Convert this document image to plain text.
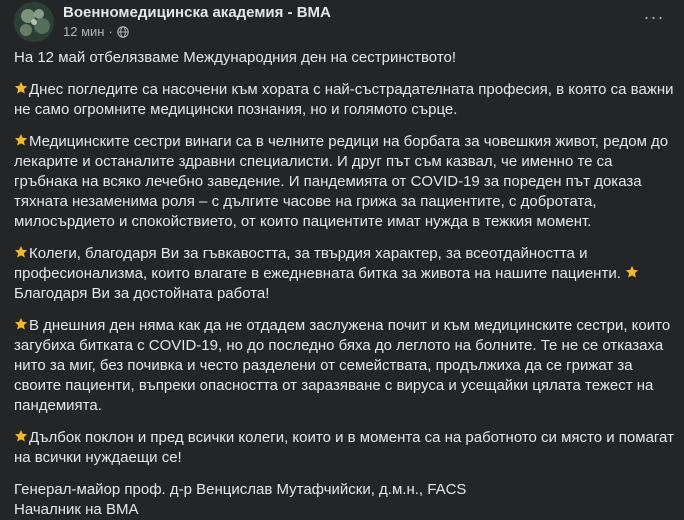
Военномедицинска академия - ВМА
12 мин ·
···

На 12 май отбелязваме Международния ден на сестринството!

Днес погледите са насочени към хората с най-състрадателната професия, в която са важни не само огромните медицински познания, но и голямото сърце.

Медицинските сестри винаги са в челните редици на борбата за човешкия живот, редом до лекарите и останалите здравни специалисти. И друг път съм казвал, че именно те са гръбнака на всяко лечебно заведение. И пандемията от COVID-19 за пореден път доказа тяхната незаменима роля – с дългите часове на грижа за пациентите, с добротата, милосърдието и спокойствието, от които пациентите имат нужда в тежкия момент.

Колеги, благодаря Ви за гъвкавостта, за твърдия характер, за всеотдайността и професионализма, които влагате в ежедневната битка за живота на нашите пациенти.
Благодаря Ви за достойната работа!

В днешния ден няма как да не отдадем заслужена почит и към медицинските сестри, които загубиха битката с COVID-19, но до последно бяха до леглото на болните. Те не се отказаха нито за миг, без почивка и често разделени от семействата, продължиха да се грижат за своите пациенти, въпреки опасността от заразяване с вируса и усещайки цялата тежест на пандемията.

Дълбок поклон и пред всички колеги, които и в момента са на работното си място и помагат на всички нуждаещи се!

Генерал-майор проф. д-р Венцислав Мутафчийски, д.м.н., FACS
Началник на ВМА
